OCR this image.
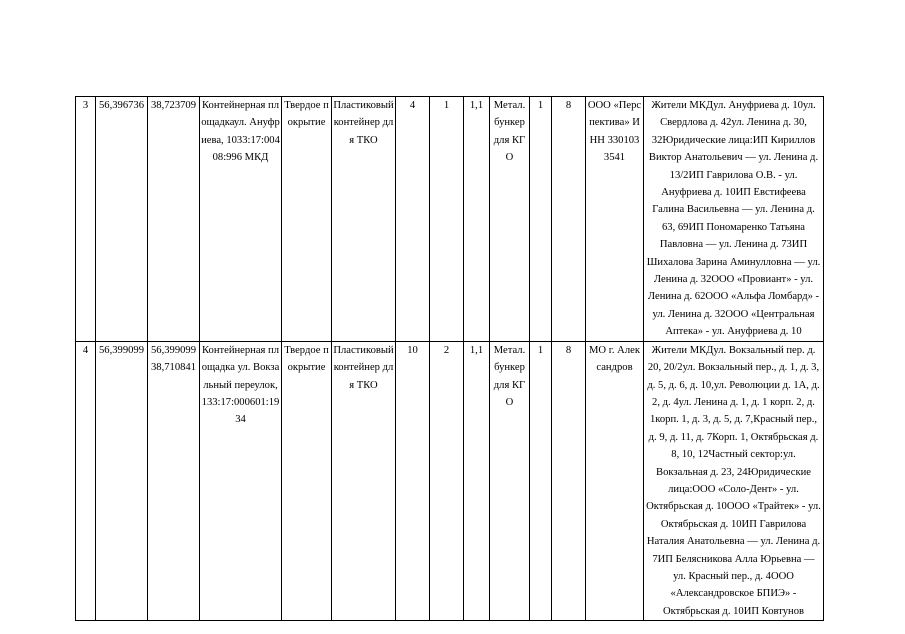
3	56,396736	38,723709	Контейнерная площадкаул. Ануфриева, 1033:17:00408:996 МКД	Твердое покрытие	Пластиковый контейнер для ТКО	4	1	1,1	Метал. бункер для КГО	1	8	ООО «Перспектива» ИНН 3301033541	Жители МКДул. Ануфриева д. 10ул. Свердлова д. 42ул. Ленина д. 30, 32Юридические лица:ИП Кириллов Виктор Анатольевич — ул. Ленина д. 13/2ИП Гаврилова О.В. - ул. Ануфриева д. 10ИП Евстифеева Галина Васильевна — ул. Ленина д. 63, 69ИП Пономаренко Татьяна Павловна — ул. Ленина д. 73ИП Шихалова Зарина Аминулловна — ул. Ленина д. 32ООО «Провиант» - ул. Ленина д. 62ООО «Альфа Ломбард» - ул. Ленина д. 32ООО «Центральная Аптека» - ул. Ануфриева д. 10
4	56,399099	56,399099 38,710841	Контейнерная площадка ул. Вокзальный переулок, 133:17:000601:1934	Твердое покрытие	Пластиковый контейнер для ТКО	10	2	1,1	Метал. бункер для КГО	1	8	МО г. Александров	Жители МКДул. Вокзальный пер. д. 20, 20/2ул. Вокзальный пер., д. 1, д. 3, д. 5, д. 6, д. 10,ул. Революции д. 1А, д. 2, д. 4ул. Ленина д. 1, д. 1 корп. 2, д. 1корп. 1, д. 3, д. 5, д. 7,Красный пер., д. 9, д. 11, д. 7Корп. 1, Октябрьская д. 8, 10, 12Частный сектор:ул. Вокзальная д. 23, 24Юридические лица:ООО «Соло-Дент» - ул. Октябрьская д. 10ООО «Трайтек» - ул. Октябрьская д. 10ИП Гаврилова Наталия Анатольевна — ул. Ленина д. 7ИП Белясникова Алла Юрьевна — ул. Красный пер., д. 4ООО «Александровское БПИЭ» - Октябрьская д. 10ИП Ковтунов
